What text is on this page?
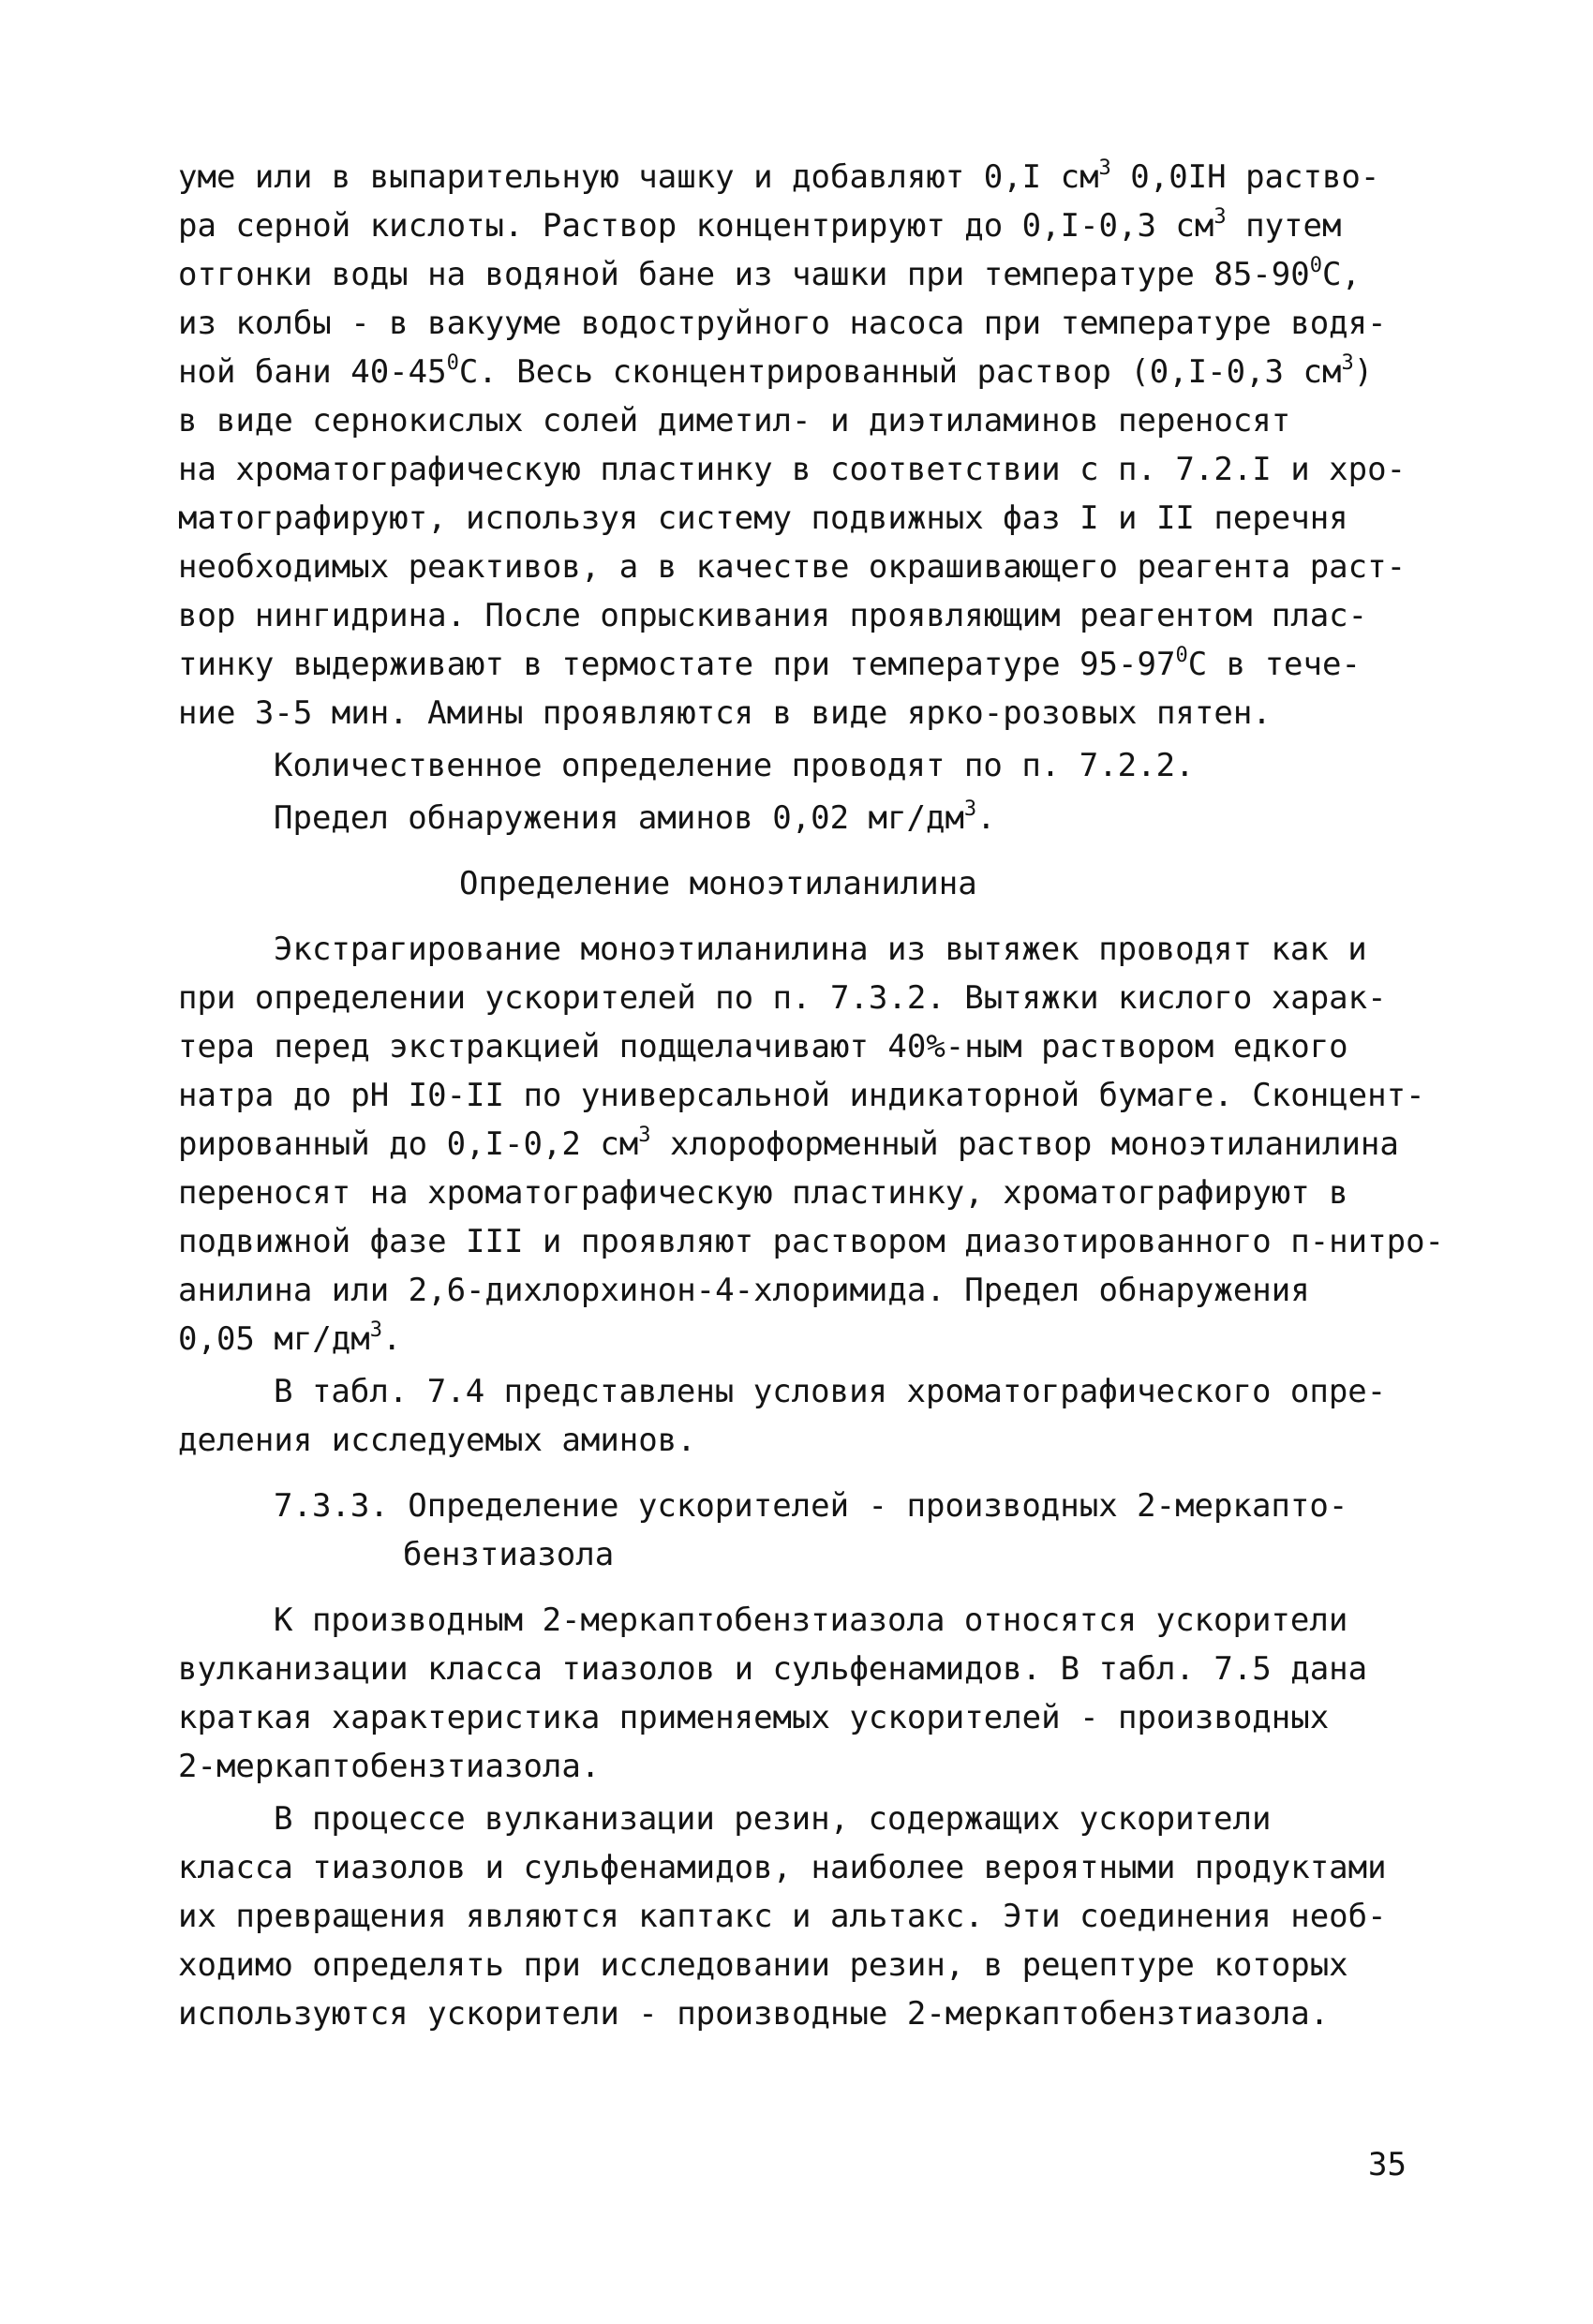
уме или в выпарительную чашку и добавляют 0,I $см^3$ 0,0IН раство-
ра серной кислоты. Раствор концентрируют до 0,I-0,3 $см^3$ путем
отгонки воды на водяной бане из чашки при температуре $85-90^0С$,
из колбы - в вакууме водоструйного насоса при температуре водя-
ной бани $40-45^0С$. Весь сконцентрированный раствор (0,I-0,3 $см^3$)
в виде сернокислых солей диметил- и диэтиламинов переносят
на хроматографическую пластинку в соответствии с п. 7.2.I и хро-
матографируют, используя систему подвижных фаз I и II перечня
необходимых реактивов, а в качестве окрашивающего реагента раст-
вор нингидрина. После опрыскивания проявляющим реагентом плас-
тинку выдерживают в термостате при температуре $95-97^0С$ в тече-
ние 3-5 мин. Амины проявляются в виде ярко-розовых пятен.
Количественное определение проводят по п. 7.2.2.
Предел обнаружения аминов 0,02 $мг/дм^3$.
Определение моноэтиланилина
Экстрагирование моноэтиланилина из вытяжек проводят как и
при определении ускорителей по п. 7.3.2. Вытяжки кислого харак-
тера перед экстракцией подщелачивают 40%-ным раствором едкого
натра до рН I0-II по универсальной индикаторной бумаге. Сконцент-
рированный до 0,I-0,2 $см^3$ хлороформенный раствор моноэтиланилина
переносят на хроматографическую пластинку, хроматографируют в
подвижной фазе III и проявляют раствором диазотированного п-нитро-
анилина или 2,6-дихлорхинон-4-хлоримида. Предел обнаружения
0,05 $мг/дм^3$.
В табл. 7.4 представлены условия хроматографического опре-
деления исследуемых аминов.
7.3.3. Определение ускорителей - производных 2-меркапто-
бензтиазола
К производным 2-меркаптобензтиазола относятся ускорители
вулканизации класса тиазолов и сульфенамидов. В табл. 7.5 дана
краткая характеристика применяемых ускорителей - производных
2-меркаптобензтиазола.
В процессе вулканизации резин, содержащих ускорители
класса тиазолов и сульфенамидов, наиболее вероятными продуктами
их превращения являются каптакс и альтакс. Эти соединения необ-
ходимо определять при исследовании резин, в рецептуре которых
используются ускорители - производные 2-меркаптобензтиазола.
35
